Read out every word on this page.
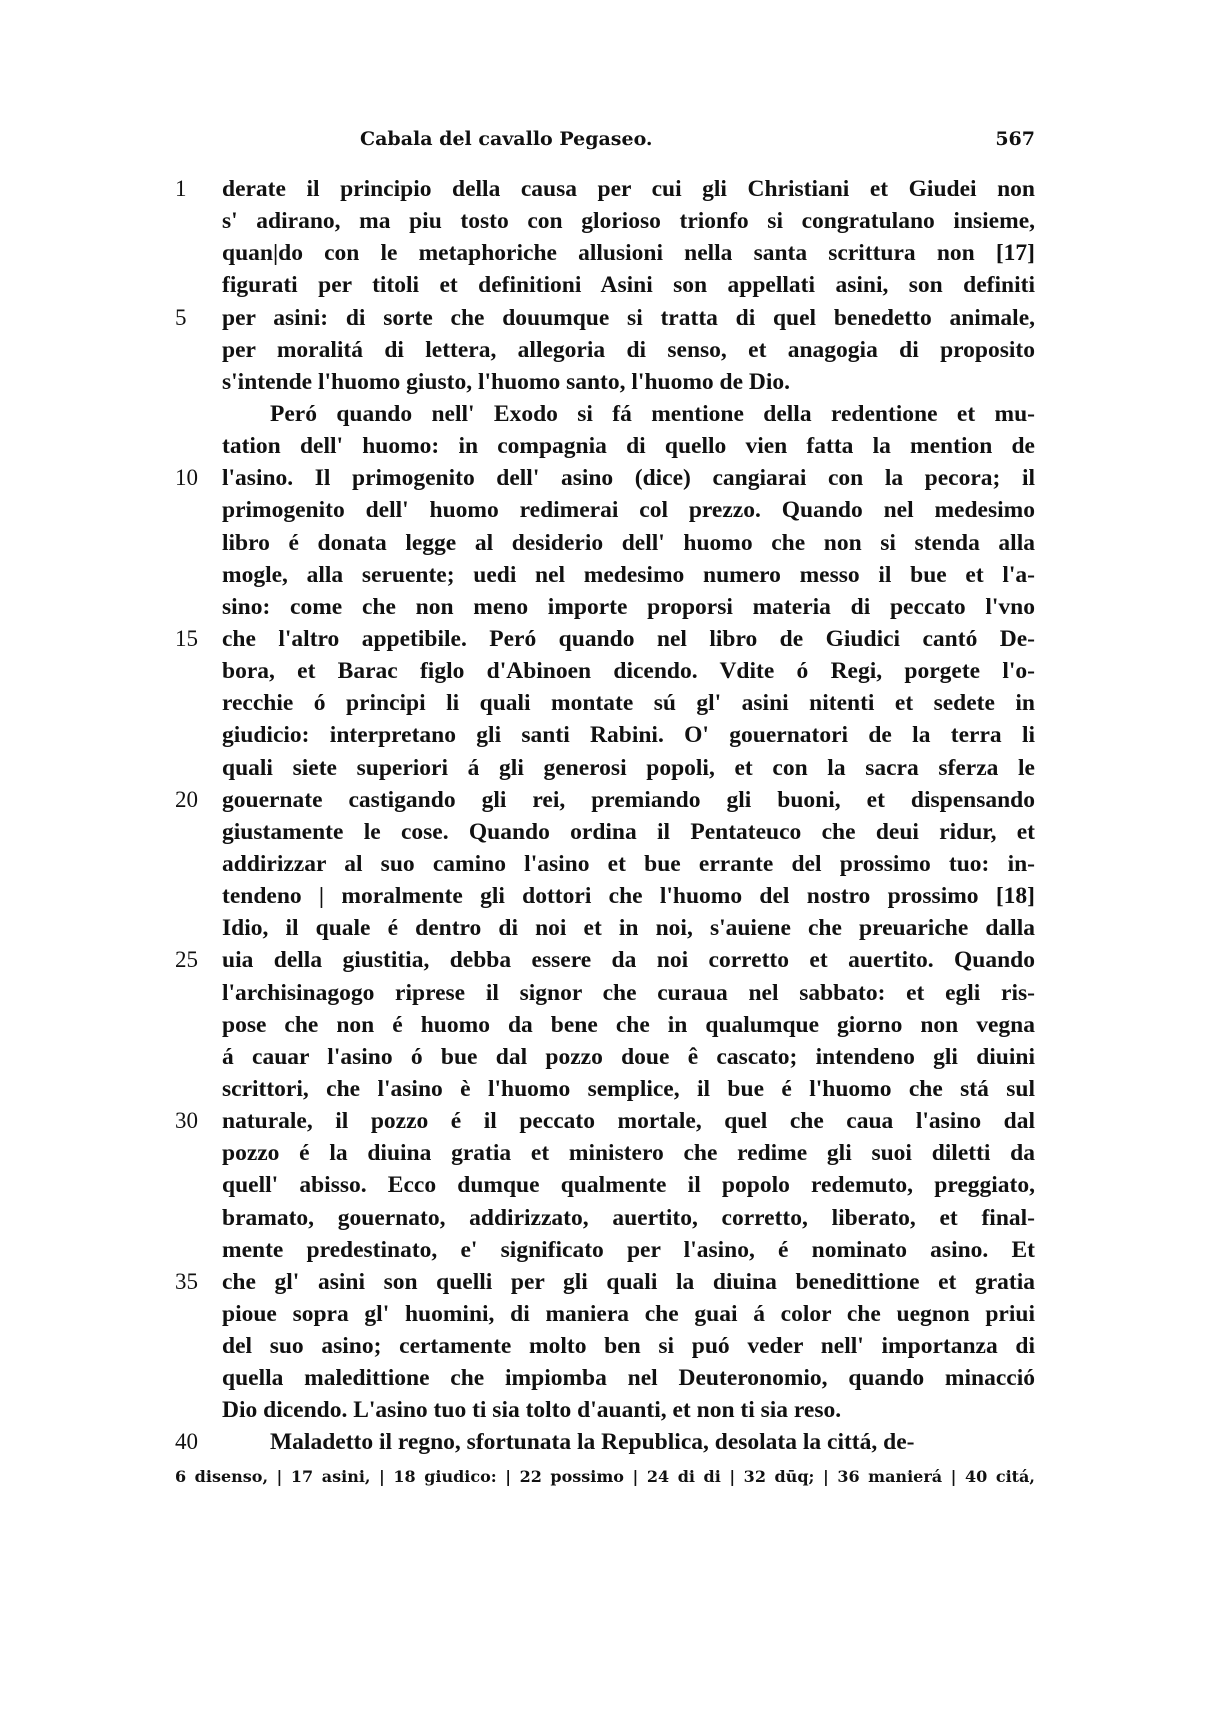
Cabala del cavallo Pegaseo.	567
1	derate il principio della causa per cui gli Christiani et Giudei non
s' adirano, ma piu tosto con glorioso trionfo si congratulano insieme,
quan|do con le metaphoriche allusioni nella santa scrittura non [17]
figurati per titoli et definitioni Asini son appellati asini, son definiti
5	per asini: di sorte che douumque si tratta di quel benedetto animale,
per moralitá di lettera, allegoria di senso, et anagogia di proposito
s'intende l'huomo giusto, l'huomo santo, l'huomo de Dio.
Peró quando nell' Exodo si fá mentione della redentione et mu-
tation dell' huomo: in compagnia di quello vien fatta la mention de
10	l'asino. Il primogenito dell' asino (dice) cangiarai con la pecora; il
primogenito dell' huomo redimerai col prezzo. Quando nel medesimo
libro é donata legge al desiderio dell' huomo che non si stenda alla
mogle, alla seruente; uedi nel medesimo numero messo il bue et l'a-
sino: come che non meno importe proporsi materia di peccato l'vno
15	che l'altro appetibile. Peró quando nel libro de Giudici cantó De-
bora, et Barac figlo d'Abinoen dicendo. Vdite ó Regi, porgete l'o-
recchie ó principi li quali montate sú gl' asini nitenti et sedete in
giudicio: interpretano gli santi Rabini. O' gouernatori de la terra li
quali siete superiori á gli generosi popoli, et con la sacra sferza le
20	gouernate castigando gli rei, premiando gli buoni, et dispensando
giustamente le cose. Quando ordina il Pentateuco che deui ridur, et
addirizzar al suo camino l'asino et bue errante del prossimo tuo: in-
tendeno | moralmente gli dottori che l'huomo del nostro prossimo [18]
Idio, il quale é dentro di noi et in noi, s'auiene che preuariche dalla
25	uia della giustitia, debba essere da noi corretto et auertito. Quando
l'archisinagogo riprese il signor che curaua nel sabbato: et egli ris-
pose che non é huomo da bene che in qualumque giorno non vegna
á cauar l'asino ó bue dal pozzo doue ê cascato; intendeno gli diuini
scrittori, che l'asino è l'huomo semplice, il bue é l'huomo che stá sul
30	naturale, il pozzo é il peccato mortale, quel che caua l'asino dal
pozzo é la diuina gratia et ministero che redime gli suoi diletti da
quell' abisso. Ecco dumque qualmente il popolo redemuto, preggiato,
bramato, gouernato, addirizzato, auertito, corretto, liberato, et final-
mente predestinato, e' significato per l'asino, é nominato asino. Et
35	che gl' asini son quelli per gli quali la diuina benedittione et gratia
pioue sopra gl' huomini, di maniera che guai á color che uegnon priui
del suo asino; certamente molto ben si puó veder nell' importanza di
quella maledittione che impiomba nel Deuteronomio, quando minacció
Dio dicendo. L'asino tuo ti sia tolto d'auanti, et non ti sia reso.
40	Maladetto il regno, sfortunata la Republica, desolata la cittá, de-
6 disenso, | 17 asini, | 18 giudico: | 22 possimo | 24 di di | 32 dūq; | 36 manierá | 40 citá,
